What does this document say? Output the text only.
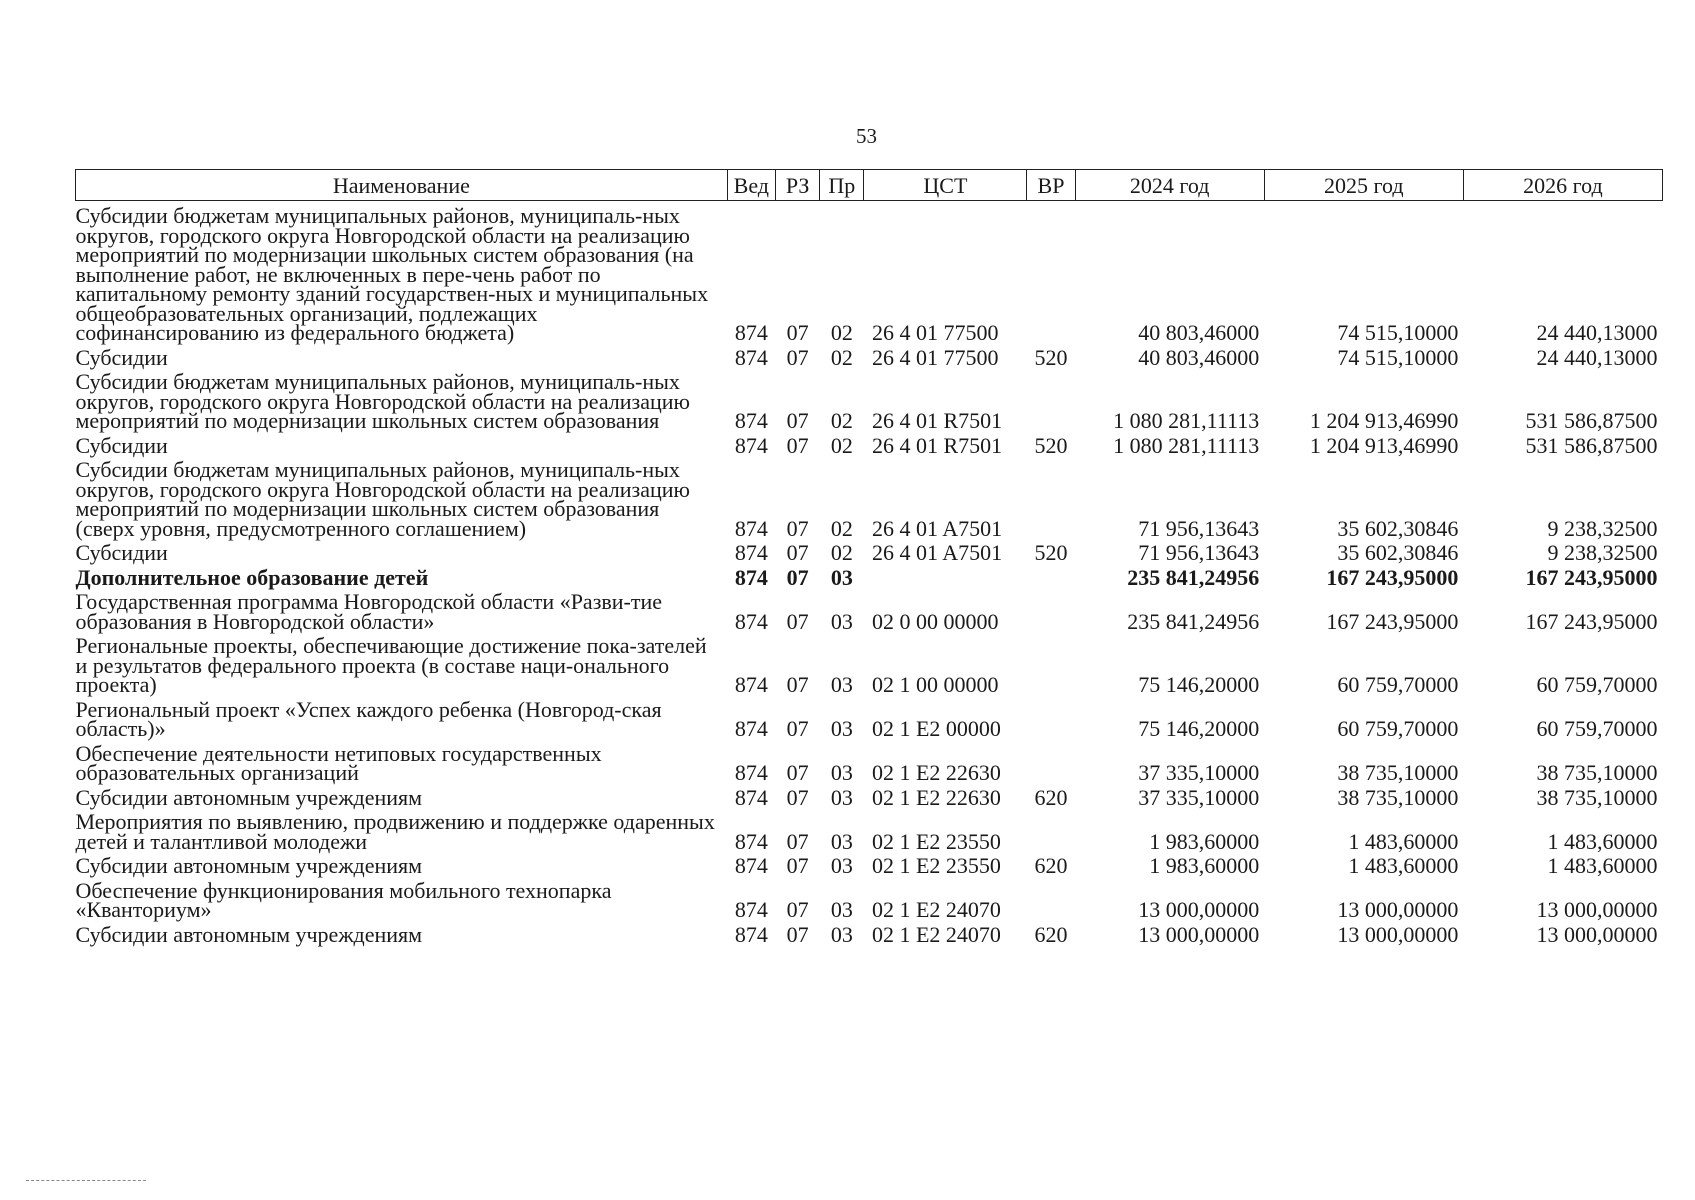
53
Наименование	Вед	РЗ	Пр	ЦСТ	ВР	2024 год	2025 год	2026 год
Субсидии бюджетам муниципальных районов, муниципаль-ных округов, городского округа Новгородской области на реализацию мероприятий по модернизации школьных систем образования (на выполнение работ, не включенных в пере-чень работ по капитальному ремонту зданий государствен-ных и муниципальных общеобразовательных организаций, подлежащих софинансированию из федерального бюджета)	874	07	02	26 4 01 77500		40 803,46000	74 515,10000	24 440,13000
Субсидии	874	07	02	26 4 01 77500	520	40 803,46000	74 515,10000	24 440,13000
Субсидии бюджетам муниципальных районов, муниципаль-ных округов, городского округа Новгородской области на реализацию мероприятий по модернизации школьных систем образования	874	07	02	26 4 01 R7501		1 080 281,11113	1 204 913,46990	531 586,87500
Субсидии	874	07	02	26 4 01 R7501	520	1 080 281,11113	1 204 913,46990	531 586,87500
Субсидии бюджетам муниципальных районов, муниципаль-ных округов, городского округа Новгородской области на реализацию мероприятий по модернизации школьных систем образования (сверх уровня, предусмотренного соглашением)	874	07	02	26 4 01 A7501		71 956,13643	35 602,30846	9 238,32500
Субсидии	874	07	02	26 4 01 A7501	520	71 956,13643	35 602,30846	9 238,32500
Дополнительное образование детей	874	07	03			235 841,24956	167 243,95000	167 243,95000
Государственная программа Новгородской области «Разви-тие образования в Новгородской области»	874	07	03	02 0 00 00000		235 841,24956	167 243,95000	167 243,95000
Региональные проекты, обеспечивающие достижение пока-зателей и результатов федерального проекта (в составе наци-онального проекта)	874	07	03	02 1 00 00000		75 146,20000	60 759,70000	60 759,70000
Региональный проект «Успех каждого ребенка (Новгород-ская область)»	874	07	03	02 1 E2 00000		75 146,20000	60 759,70000	60 759,70000
Обеспечение деятельности нетиповых государственных образовательных организаций	874	07	03	02 1 E2 22630		37 335,10000	38 735,10000	38 735,10000
Субсидии автономным учреждениям	874	07	03	02 1 E2 22630	620	37 335,10000	38 735,10000	38 735,10000
Мероприятия по выявлению, продвижению и поддержке одаренных детей и талантливой молодежи	874	07	03	02 1 E2 23550		1 983,60000	1 483,60000	1 483,60000
Субсидии автономным учреждениям	874	07	03	02 1 E2 23550	620	1 983,60000	1 483,60000	1 483,60000
Обеспечение функционирования мобильного технопарка «Кванториум»	874	07	03	02 1 E2 24070		13 000,00000	13 000,00000	13 000,00000
Субсидии автономным учреждениям	874	07	03	02 1 E2 24070	620	13 000,00000	13 000,00000	13 000,00000
